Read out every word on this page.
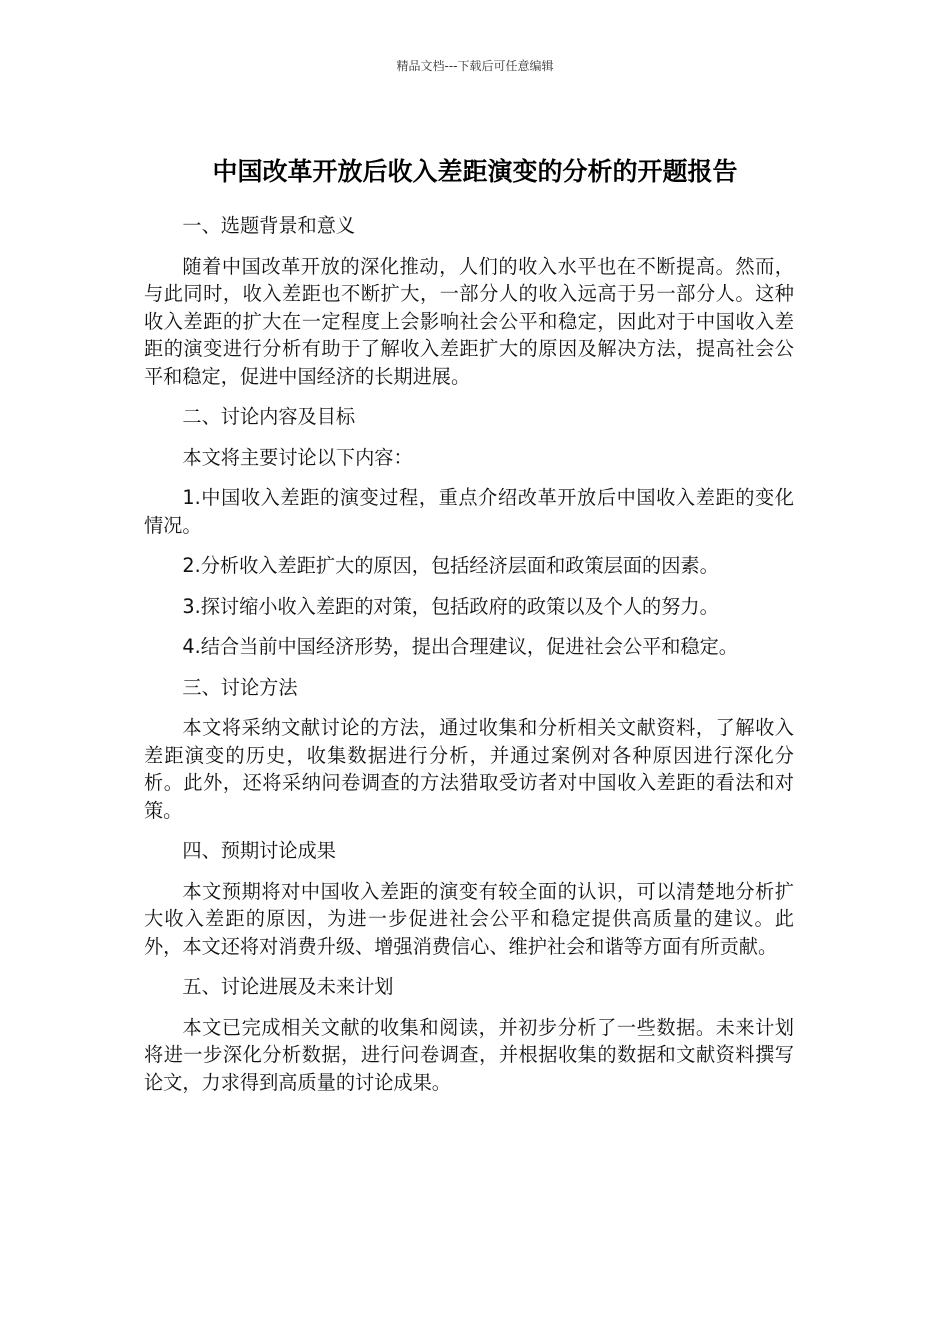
精品文档---下载后可任意编辑
中国改革开放后收入差距演变的分析的开题报告

一、选题背景和意义

随着中国改革开放的深化推动，人们的收入水平也在不断提高。然而，与此同时，收入差距也不断扩大，一部分人的收入远高于另一部分人。这种收入差距的扩大在一定程度上会影响社会公平和稳定，因此对于中国收入差距的演变进行分析有助于了解收入差距扩大的原因及解决方法，提高社会公平和稳定，促进中国经济的长期进展。

二、讨论内容及目标

本文将主要讨论以下内容：

1.中国收入差距的演变过程，重点介绍改革开放后中国收入差距的变化情况。

2.分析收入差距扩大的原因，包括经济层面和政策层面的因素。

3.探讨缩小收入差距的对策，包括政府的政策以及个人的努力。

4.结合当前中国经济形势，提出合理建议，促进社会公平和稳定。

三、讨论方法

本文将采纳文献讨论的方法，通过收集和分析相关文献资料，了解收入差距演变的历史，收集数据进行分析，并通过案例对各种原因进行深化分析。此外，还将采纳问卷调查的方法猎取受访者对中国收入差距的看法和对策。

四、预期讨论成果

本文预期将对中国收入差距的演变有较全面的认识，可以清楚地分析扩大收入差距的原因，为进一步促进社会公平和稳定提供高质量的建议。此外，本文还将对消费升级、增强消费信心、维护社会和谐等方面有所贡献。

五、讨论进展及未来计划

本文已完成相关文献的收集和阅读，并初步分析了一些数据。未来计划将进一步深化分析数据，进行问卷调查，并根据收集的数据和文献资料撰写论文，力求得到高质量的讨论成果。
